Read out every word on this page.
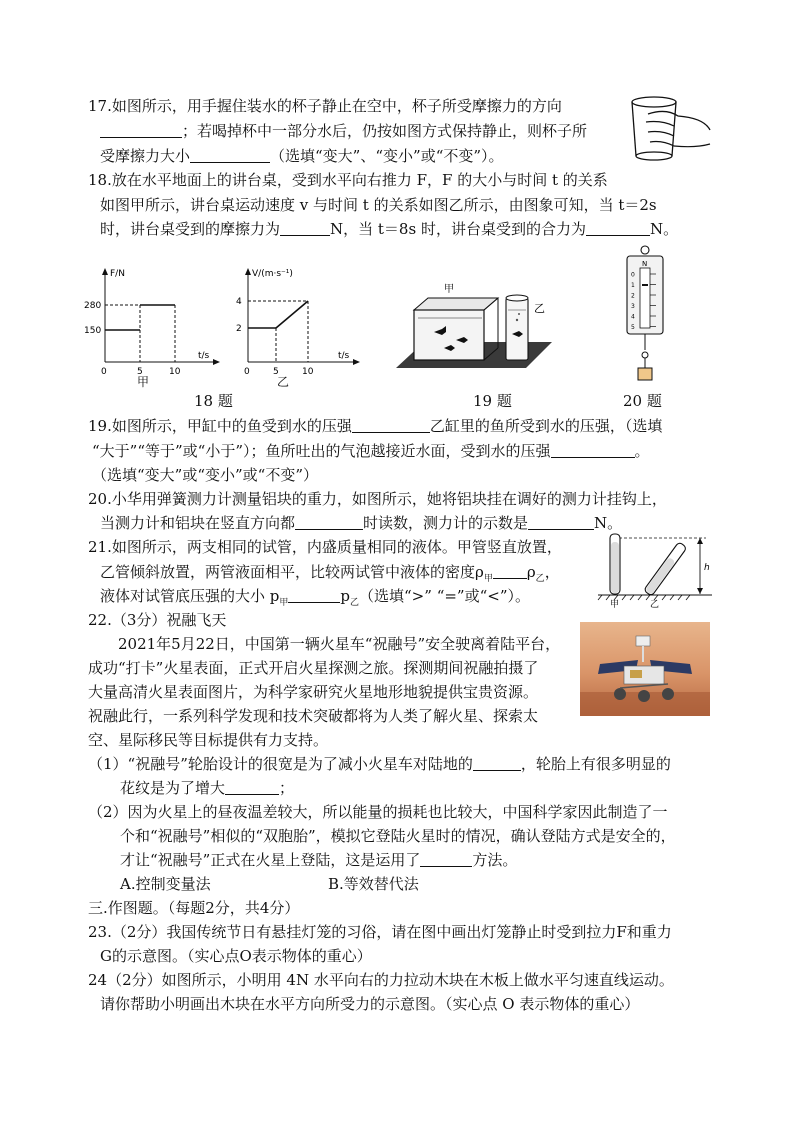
17.如图所示，用手握住装水的杯子静止在空中，杯子所受摩擦力的方向
；若喝掉杯中一部分水后，仍按如图方式保持静止，则杯子所
受摩擦力大小	（选填“变大”、“变小”或“不变”）。
18.放在水平地面上的讲台桌，受到水平向右推力 F，F 的大小与时间 t 的关系
如图甲所示，讲台桌运动速度 v 与时间 t 的关系如图乙所示，由图象可知，当 t＝2s
时，讲台桌受到的摩擦力为	N，当 t＝8s 时，讲台桌受到的合力为	N。
F/N
280
150
0	5	10
t/s
甲
V/(m·s⁻¹)
4
2
0	5	10
t/s
乙
甲
乙
N
0
1
2
3
4
5
18 题	19 题	20 题
19.如图所示，甲缸中的鱼受到水的压强	乙缸里的鱼所受到水的压强，（选填
“大于”“等于”或“小于”）；鱼所吐出的气泡越接近水面，受到水的压强	。
（选填“变大”或“变小”或“不变”）
20.小华用弹簧测力计测量铝块的重力，如图所示，她将铝块挂在调好的测力计挂钩上，
当测力计和铝块在竖直方向都	时读数，测力计的示数是	N。
21.如图所示，两支相同的试管，内盛质量相同的液体。甲管竖直放置，
乙管倾斜放置，两管液面相平，比较两试管中液体的密度$\rho_甲$ $\rho_乙$，
液体对试管底压强的大小 $p_甲$	$p_乙$（选填“>” “=”或“<”）。
h
甲	乙
22.（3分）祝融飞天
2021年5月22日，中国第一辆火星车“祝融号”安全驶离着陆平台，
成功“打卡”火星表面，正式开启火星探测之旅。探测期间祝融拍摄了
大量高清火星表面图片，为科学家研究火星地形地貌提供宝贵资源。
祝融此行，一系列科学发现和技术突破都将为人类了解火星、探索太
空、星际移民等目标提供有力支持。
（1）“祝融号”轮胎设计的很宽是为了减小火星车对陆地的	，轮胎上有很多明显的
花纹是为了增大	；
（2）因为火星上的昼夜温差较大，所以能量的损耗也比较大，中国科学家因此制造了一
个和“祝融号”相似的“双胞胎”，模拟它登陆火星时的情况，确认登陆方式是安全的，
才让“祝融号”正式在火星上登陆，这是运用了	方法。
A.控制变量法	B.等效替代法
三.作图题。（每题2分，共4分）
23.（2分）我国传统节日有悬挂灯笼的习俗，请在图中画出灯笼静止时受到拉力F和重力
G的示意图。（实心点O表示物体的重心）
24（2分）如图所示，小明用 4N 水平向右的力拉动木块在木板上做水平匀速直线运动。
请你帮助小明画出木块在水平方向所受力的示意图。（实心点 O 表示物体的重心）
